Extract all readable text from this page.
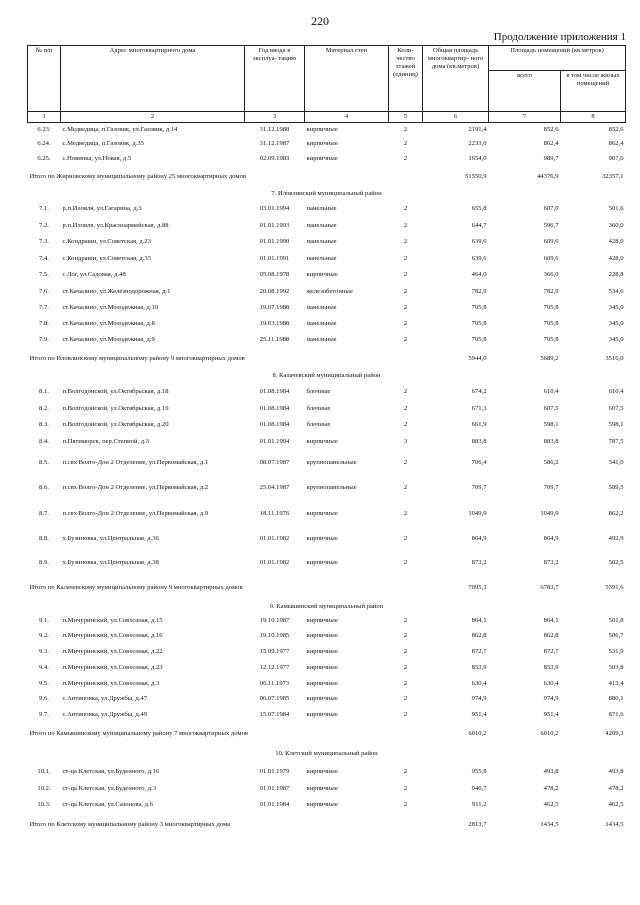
220
Продолжение приложения 1
№ п/п	Адрес многоквартирного дома	Год ввода в эксплуа- тацию	Материал стен	Коли- чество этажей (единиц)	Общая площадь многоквартир- ного дома (кв.метров)	Площадь помещений (кв.метров)	
						всего	в том числе жилых помещений
1	2	3	4	5	6	7	8
6.23.	с.Медведица, п.Газовик, ул.Газовик, д.14	31.12.1988	кирпичные	2	2191,4	852,6	852,6
6.24.	с.Медведица, п.Газовик, д.35	31.12.1987	кирпичные	2	2233,0	862,4	862,4
6.25.	с.Новинка, ул.Новая, д.5	02.09.1983	кирпичные	2	1654,0	989,7	907,0
Итого по Жирновскому муниципальному району 25 многоквартирных домов					51550,9	44376,9	32357,1
7. Иловлинский муниципальный район							
7.1.	р.п.Иловля, ул.Гагарина, д.3	03.01.1994	панельные	2	655,8	607,0	501,6
7.2.	р.п.Иловля, ул.Красноармейская, д.88	01.01.1993	панельные	2	644,7	596,7	360,0
7.3.	с.Кондраши, ул.Советская, д.23	01.01.1990	панельные	2	639,6	609,6	428,0
7.4.	с.Кондраши, ул.Советская, д.33	01.01.1991	панельные	2	639,6	609,6	428,0
7.5.	с.Лог, ул.Садовая, д.48	05.08.1978	кирпичные	2	464,0	366,0	228,8
7.6.	ст.Качалино, ул.Железнодорожная, д.1	20.08.1992	железобетонные	2	782,9	782,9	534,6
7.7.	ст.Качалино, ул.Молодежная, д.10	19.07.1988	панельные	2	705,8	705,8	345,0
7.8.	ст.Качалино, ул.Молодежная, д.8	19.03.1988	панельные	2	705,8	705,8	345,0
7.9.	ст.Качалино, ул.Молодежная, д.9	25.11.1988	панельные	2	705,8	705,8	345,0
Итого по Иловлинскому муниципальному району 9 многоквартирных домов					5944,0	5689,2	3516,0
8. Калачевский муниципальный район							
8.1.	п.Волгодонской, ул.Октябрьская, д.18	01.08.1984	блочные	2	674,2	610,4	610,4
8.2.	п.Волгодонской, ул.Октябрьская, д.19	01.08.1984	блочные	2	671,3	607,5	607,5
8.3.	п.Волгодонской, ул.Октябрьская, д.20	01.08.1984	блочные	2	661,9	598,1	598,1
8.4.	п.Пятиморск, пер.Степной, д.3	01.01.1994	кирпичные	3	883,8	883,8	787,5
8.5.	п.свх Волго-Дон 2 Отделение, ул.Первомайская, д.1	08.07.1987	крупнопанельные	2	706,4	586,2	341,0
8.6.	п.свх Волго-Дон 2 Отделение, ул.Первомайская, д.2	25.04.1987	крупнопанельные	2	709,7	709,7	589,5
8.7.	п.свх Волго-Дон 2 Отделение, ул.Первомайская, д.9	18.11.1976	кирпичные	2	1049,9	1049,9	862,2
8.8.	х.Бузиновка, ул.Центральная, д.36	01.01.1982	кирпичные	2	864,9	864,9	492,9
8.9.	х.Бузиновка, ул.Центральная, д.38	01.01.1982	кирпичные	2	873,2	873,2	502,5
Итого по Калачевскому муниципальному району 9 многоквартирных домов					7095,3	6783,7	5391,6
9. Камышинский муниципальный район							
9.1.	п.Мичуринский, ул.Совхозная, д.15	19.10.1987	кирпичные	2	864,1	864,1	501,8
9.2.	п.Мичуринский, ул.Совхозная, д.16	19.10.1985	кирпичные	2	862,8	862,8	506,7
9.3.	п.Мичуринский, ул.Совхозная, д.22	15.09.1977	кирпичные	2	872,7	872,7	531,9
9.4.	п.Мичуринский, ул.Совхозная, д.23	12.12.1977	кирпичные	2	853,9	853,9	503,8
9.5.	п.Мичуринский, ул.Совхозная, д.3	06.11.1973	кирпичные	2	630,4	630,4	413,4
9.6.	с.Антиповка, ул.Дружбы, д.47	06.07.1985	кирпичные	2	974,9	974,9	880,1
9.7.	с.Антиповка, ул.Дружбы, д.49	15.07.1984	кирпичные	2	951,4	951,4	871,6
Итого по Камышинскому муниципальному району 7 многоквартирных домов					6010,2	6010,2	4209,3
10. Клетский муниципальный район							
10.1.	ст-ца Клетская, ул.Буденного, д.16	01.01.1979	кирпичные	2	955,8	493,8	493,8
10.2.	ст-ца Клетская, ул.Буденного, д.3	01.01.1987	кирпичные	2	946,7	478,2	478,2
10.3.	ст-ца Клетская, ул.Сазонова, д.6	01.01.1984	кирпичные	2	911,2	462,5	462,5
Итого по Клетскому муниципальному району 3 многоквартирных дома					2813,7	1434,5	1434,5
